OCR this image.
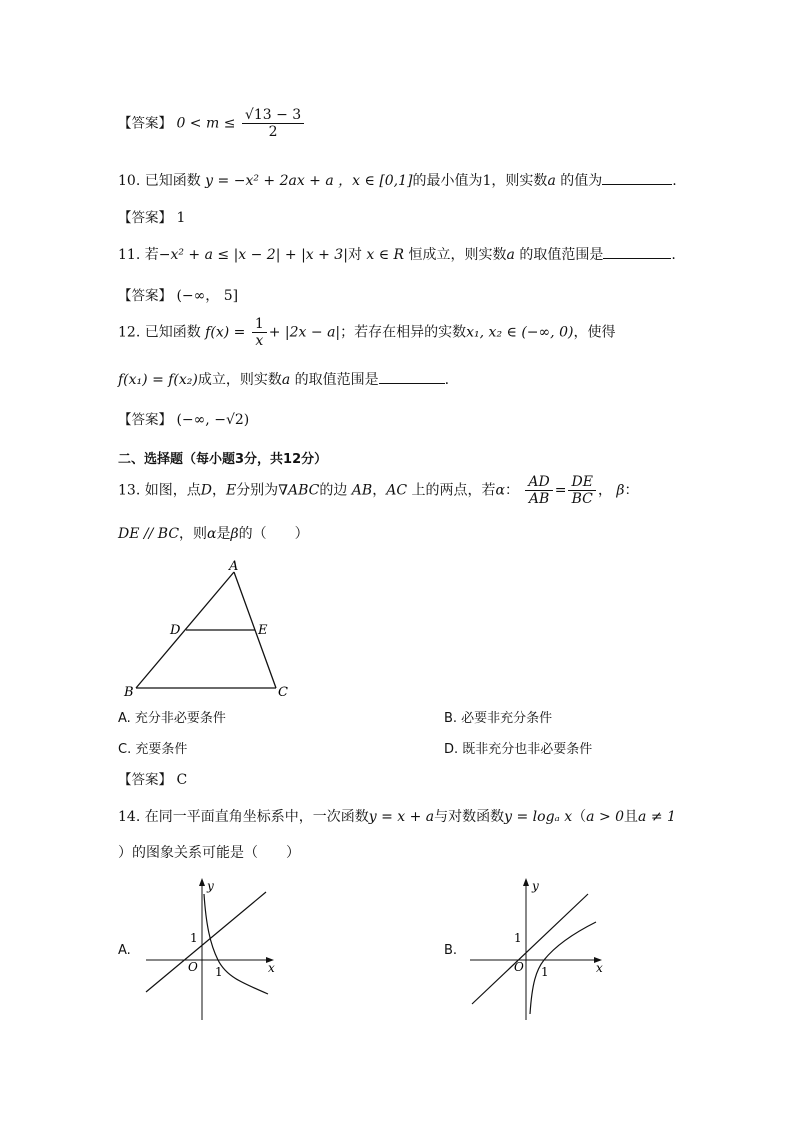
【答案】 $0 < m \le \frac{√13 - 3}{2}$
10. 已知函数 y = −x² + 2ax + a ，x ∈ [0,1]的最小值为1，则实数a 的值为	.
【答案】 1
11. 若−x² + a ≤ |x − 2| + |x + 3|对 x ∈ R 恒成立，则实数a 的取值范围是	.
【答案】 (−∞， 5]
12. 已知函数 $f(x) = \frac{1}{x} + |2x - a|$；若存在相异的实数x₁, x₂ ∈ (−∞, 0)，使得
f(x₁) = f(x₂)成立，则实数a 的取值范围是	.
【答案】 (−∞, −√2)
二、选择题（每小题3分，共12分）
13. 如图，点D，E分别为∇ABC的边 AB，AC 上的两点，若α： $\frac{AD}{AB} = \frac{DE}{BC}$ ， β：
DE // BC，则α是β的（　　）
A
D	E
B	C
A. 充分非必要条件	B. 必要非充分条件
C. 充要条件	D. 既非充分也非必要条件
【答案】 C
14. 在同一平面直角坐标系中，一次函数y = x + a与对数函数y = logₐ x（a > 0且a ≠ 1
）的图象关系可能是（　　）
A.
y
x
O
1
1
B.
y
x
O
1
1
